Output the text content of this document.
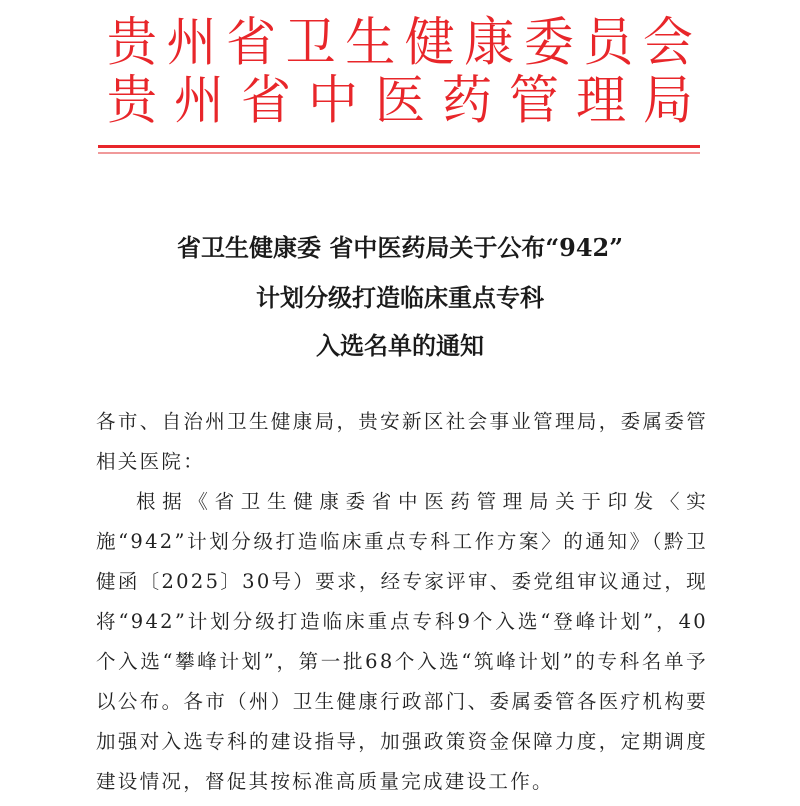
贵 州 省 卫 生 健 康 委 员 会
贵 州 省 中 医 药 管 理 局
省卫生健康委 省中医药局关于公布“942”
计划分级打造临床重点专科
入选名单的通知

各市、自治州卫生健康局，贵安新区社会事业管理局，委属委管相关医院：

根据《省卫生健康委省中医药管理局关于印发〈实施“942”计划分级打造临床重点专科工作方案〉的通知》（黔卫健函〔2025〕30号）要求，经专家评审、委党组审议通过，现将“942”计划分级打造临床重点专科9个入选“登峰计划”，40个入选“攀峰计划”，第一批68个入选“筑峰计划”的专科名单予以公布。各市（州）卫生健康行政部门、委属委管各医疗机构要加强对入选专科的建设指导，加强政策资金保障力度，定期调度建设情况，督促其按标准高质量完成建设工作。
